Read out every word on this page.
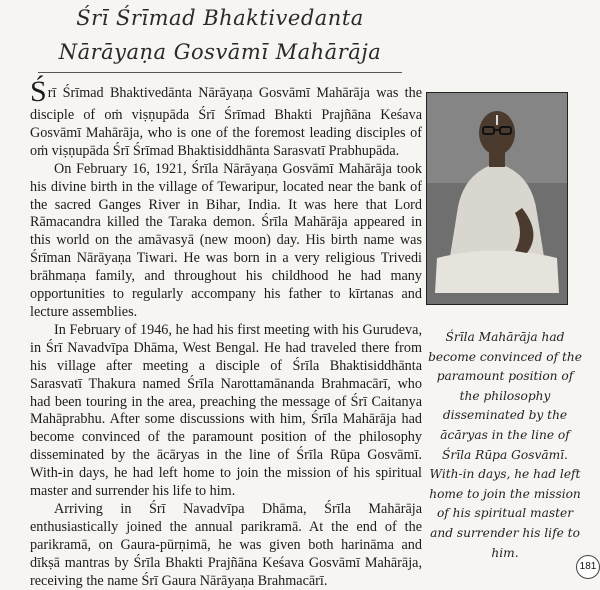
Śrī Śrīmad Bhaktivedanta
Nārāyaṇa Gosvāmī Mahārāja

Śrī Śrīmad Bhaktivedānta Nārāyaṇa Gosvāmī Mahārāja was the disciple of oṁ viṣṇupāda Śrī Śrīmad Bhakti Prajñāna Keśava Gosvāmī Mahārāja, who is one of the foremost leading disciples of oṁ viṣṇupāda Śrī Śrīmad Bhaktisiddhānta Sarasvatī Prabhupāda.

On February 16, 1921, Śrīla Nārāyaṇa Gosvāmī Mahārāja took his divine birth in the village of Tewaripur, located near the bank of the sacred Ganges River in Bihar, India. It was here that Lord Rāmacandra killed the Taraka demon. Śrīla Mahārāja appeared in this world on the amāvasyā (new moon) day. His birth name was Śrīman Nārāyaṇa Tiwari. He was born in a very religious Trivedi brāhmaṇa family, and throughout his childhood he had many opportunities to regularly accompany his father to kīrtanas and lecture assemblies.

In February of 1946, he had his first meeting with his Gurudeva, in Śrī Navadvīpa Dhāma, West Bengal. He had traveled there from his village after meeting a disciple of Śrīla Bhaktisiddhānta Sarasvatī Thakura named Śrīla Narottamānanda Brahmacārī, who had been touring in the area, preaching the message of Śrī Caitanya Mahāprabhu. After some discussions with him, Śrīla Mahārāja had become convinced of the paramount position of the philosophy disseminated by the ācāryas in the line of Śrīla Rūpa Gosvāmī. With-in days, he had left home to join the mission of his spiritual master and surrender his life to him.

Arriving in Śrī Navadvīpa Dhāma, Śrīla Mahārāja enthusiastically joined the annual parikramā. At the end of the parikramā, on Gaura-pūrṇimā, he was given both harināma and dīkṣā mantras by Śrīla Bhakti Prajñāna Keśava Gosvāmī Mahārāja, receiving the name Śrī Gaura Nārāyaṇa Brahmacārī.

Śrīla Mahārāja had become convinced of the paramount position of the philosophy disseminated by the ācāryas in the line of Śrīla Rūpa Gosvāmī. With-in days, he had left home to join the mission of his spiritual master and surrender his life to him.
181
